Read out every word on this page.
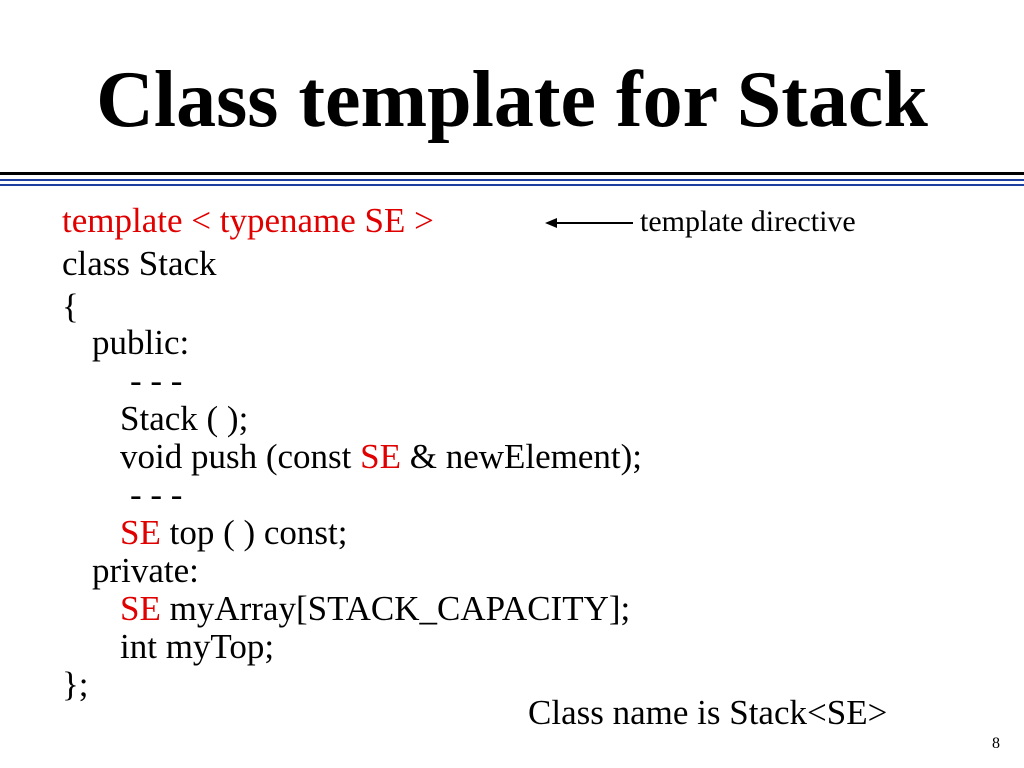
Class template for Stack
template < typename SE >
class Stack
{
public:
- - -
Stack ( );
void push (const SE & newElement);
- - -
SE top ( ) const;
private:
SE myArray[STACK_CAPACITY];
int myTop;
};
template directive
Class name is Stack<SE>
8
